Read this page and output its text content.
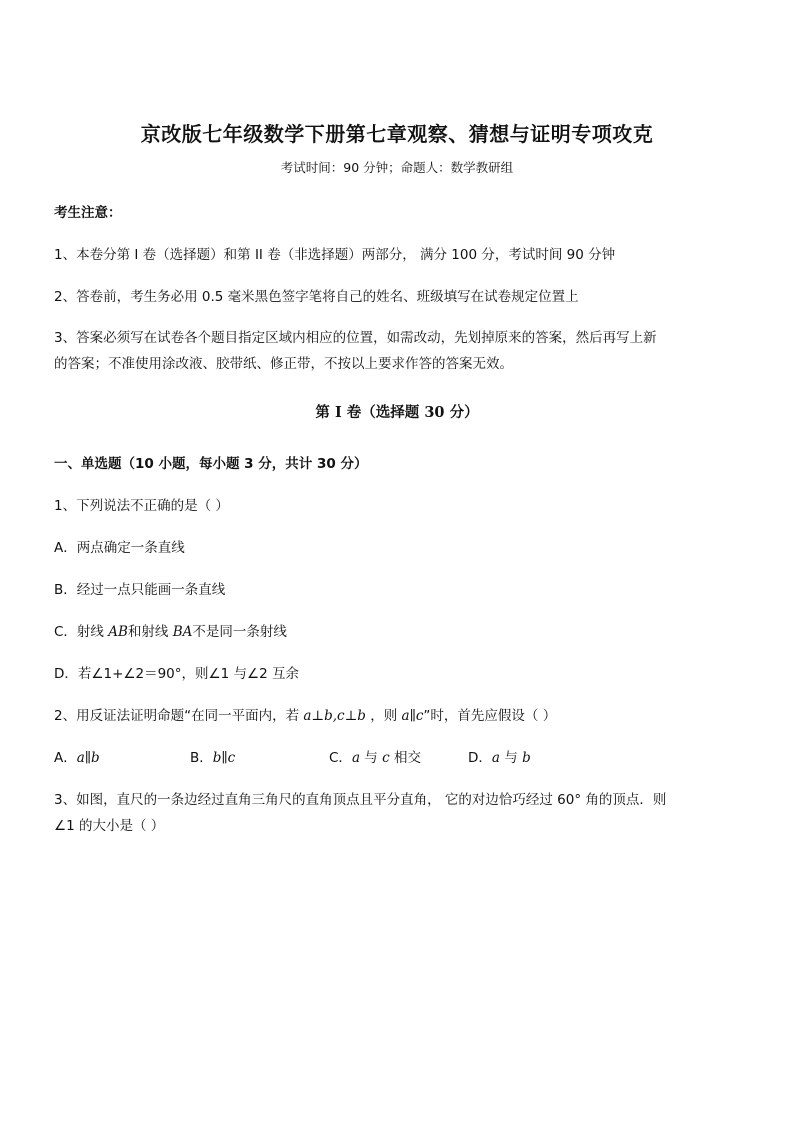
京改版七年级数学下册第七章观察、猜想与证明专项攻克
考试时间：90 分钟；命题人：数学教研组
考生注意：
1、本卷分第 I 卷（选择题）和第 II 卷（非选择题）两部分， 满分 100 分，考试时间 90 分钟
2、答卷前，考生务必用 0.5 毫米黑色签字笔将自己的姓名、班级填写在试卷规定位置上
3、答案必须写在试卷各个题目指定区域内相应的位置，如需改动，先划掉原来的答案，然后再写上新
的答案；不准使用涂改液、胶带纸、修正带，不按以上要求作答的答案无效。
第 I 卷（选择题 30 分）
一、单选题（10 小题，每小题 3 分，共计 30 分）
1、下列说法不正确的是（ ）
A．两点确定一条直线
B．经过一点只能画一条直线
C．射线 AB和射线 BA不是同一条射线
D．若∠1+∠2＝90°，则∠1 与∠2 互余
2、用反证法证明命题“在同一平面内，若 a⊥b,c⊥b ，则 a∥c”时，首先应假设（ ）
A．a∥b	B．b∥c	C．a 与 c 相交	D．a 与 b
3、如图，直尺的一条边经过直角三角尺的直角顶点且平分直角， 它的对边恰巧经过 60° 角的顶点．则
∠1 的大小是（ ）
